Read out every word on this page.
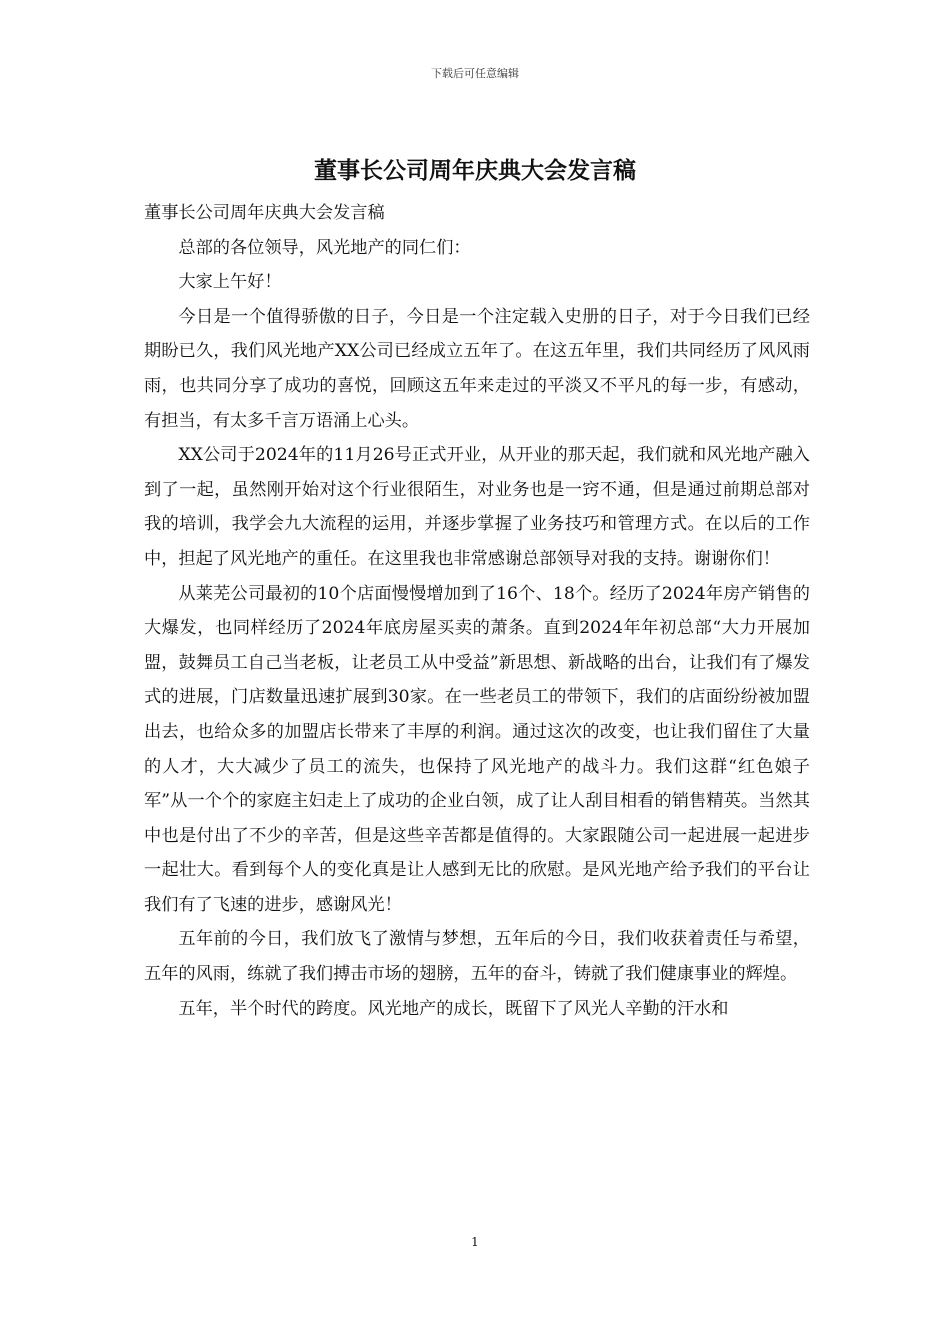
下载后可任意编辑
董事长公司周年庆典大会发言稿

董事长公司周年庆典大会发言稿

总部的各位领导，风光地产的同仁们：

大家上午好！

今日是一个值得骄傲的日子，今日是一个注定载入史册的日子，对于今日我们已经期盼已久，我们风光地产XX公司已经成立五年了。在这五年里，我们共同经历了风风雨雨，也共同分享了成功的喜悦，回顾这五年来走过的平淡又不平凡的每一步，有感动，有担当，有太多千言万语涌上心头。

XX公司于2024年的11月26号正式开业，从开业的那天起，我们就和风光地产融入到了一起，虽然刚开始对这个行业很陌生，对业务也是一窍不通，但是通过前期总部对我的培训，我学会九大流程的运用，并逐步掌握了业务技巧和管理方式。在以后的工作中，担起了风光地产的重任。在这里我也非常感谢总部领导对我的支持。谢谢你们！

从莱芜公司最初的10个店面慢慢增加到了16个、18个。经历了2024年房产销售的大爆发，也同样经历了2024年底房屋买卖的萧条。直到2024年年初总部“大力开展加盟，鼓舞员工自己当老板，让老员工从中受益”新思想、新战略的出台，让我们有了爆发式的进展，门店数量迅速扩展到30家。在一些老员工的带领下，我们的店面纷纷被加盟出去，也给众多的加盟店长带来了丰厚的利润。通过这次的改变，也让我们留住了大量的人才，大大减少了员工的流失，也保持了风光地产的战斗力。我们这群“红色娘子军”从一个个的家庭主妇走上了成功的企业白领，成了让人刮目相看的销售精英。当然其中也是付出了不少的辛苦，但是这些辛苦都是值得的。大家跟随公司一起进展一起进步一起壮大。看到每个人的变化真是让人感到无比的欣慰。是风光地产给予我们的平台让我们有了飞速的进步，感谢风光！

五年前的今日，我们放飞了激情与梦想，五年后的今日，我们收获着责任与希望，五年的风雨，练就了我们搏击市场的翅膀，五年的奋斗，铸就了我们健康事业的辉煌。

五年，半个时代的跨度。风光地产的成长，既留下了风光人辛勤的汗水和

1
